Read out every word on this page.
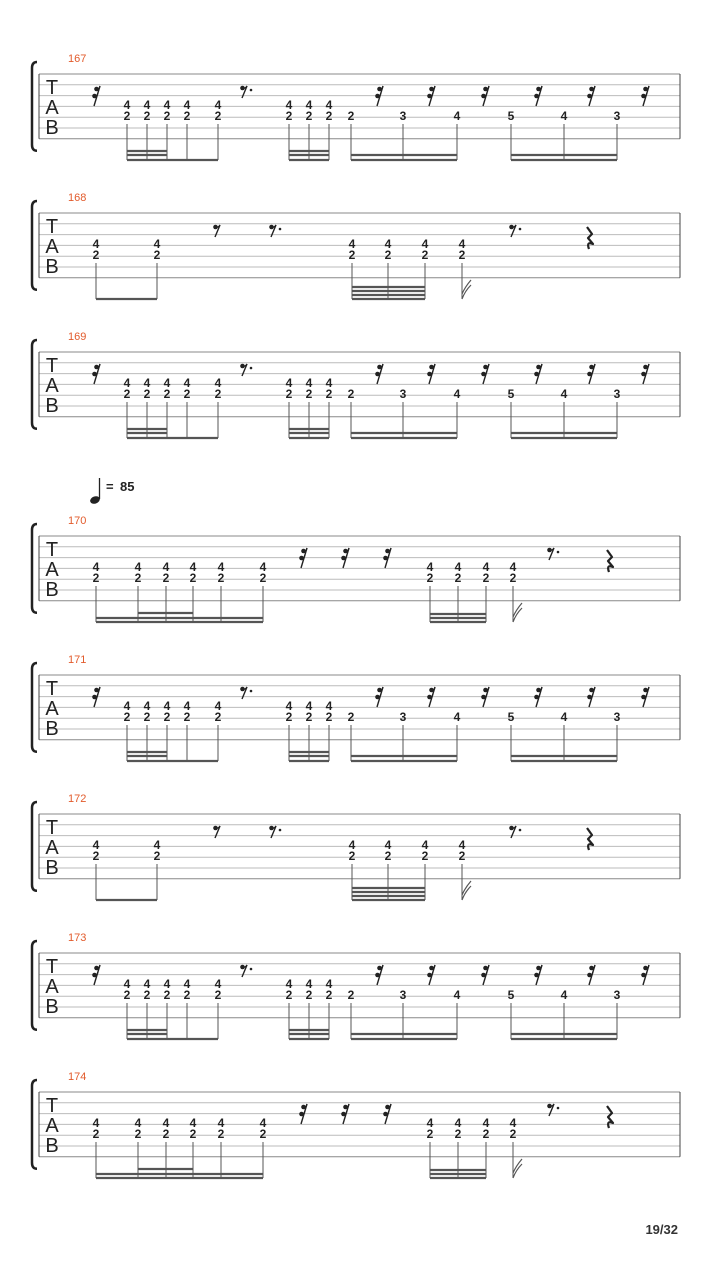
167
T
A
B
4
2
4
2
4
2
4
2
4
2
4
2
4
2
4
2 2	3	4	5	4	3
168
T
A
B
4
2
4
2
4
2
4
2
4
2
4
2
169
T
A
B
4
2
4
2
4
2
4
2
4
2
4
2
4
2
4
2 2	3	4	5	4	3
170
T
A
B
= 85
4
2
4
2
4
2
4
2
4
2
4
2
4
2
4
2
4
2
4
2
171
T
A
B
4
2
4
2
4
2
4
2
4
2
4
2
4
2
4
2 2	3	4	5	4	3
172
T
A
B
4
2
4
2
4
2
4
2
4
2
4
2
173
T
A
B
4
2
4
2
4
2
4
2
4
2
4
2
4
2
4
2 2	3	4	5	4	3
174
T
A
B
4
2
4
2
4
2
4
2
4
2
4
2
4
2
4
2
4
2
4
2
19/32
